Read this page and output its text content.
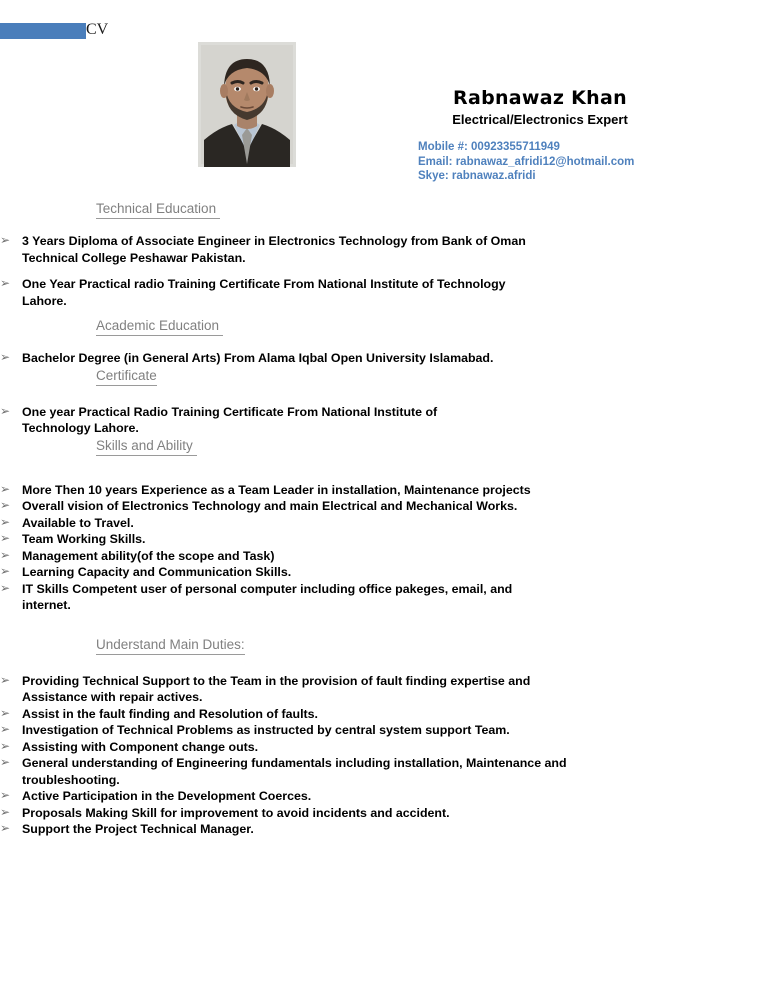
CV
Rabnawaz Khan
Electrical/Electronics Expert
Mobile #: 00923355711949
Email: rabnawaz_afridi12@hotmail.com
Skye: rabnawaz.afridi
Technical Education
➢ 3 Years Diploma of Associate Engineer in Electronics Technology from Bank of Oman Technical College Peshawar Pakistan.
➢ One Year Practical radio Training Certificate From National Institute of Technology Lahore.
Academic Education
➢ Bachelor Degree (in General Arts) From Alama Iqbal Open University Islamabad.
Certificate
➢ One year Practical Radio Training Certificate From National Institute of Technology Lahore.
Skills and Ability
➢ More Then 10 years Experience as a Team Leader in installation, Maintenance projects
➢ Overall vision of Electronics Technology and main Electrical and Mechanical Works.
➢ Available to Travel.
➢ Team Working Skills.
➢ Management ability(of the scope and Task)
➢ Learning Capacity and Communication Skills.
➢ IT Skills Competent user of personal computer including office pakeges, email, and internet.
Understand Main Duties:
➢ Providing Technical Support to the Team in the provision of fault finding expertise and Assistance with repair actives.
➢ Assist in the fault finding and Resolution of faults.
➢ Investigation of Technical Problems as instructed by central system support Team.
➢ Assisting with Component change outs.
➢ General understanding of Engineering fundamentals including installation, Maintenance and troubleshooting.
➢ Active Participation in the Development Coerces.
➢ Proposals Making Skill for improvement to avoid incidents and accident.
➢ Support the Project Technical Manager.
